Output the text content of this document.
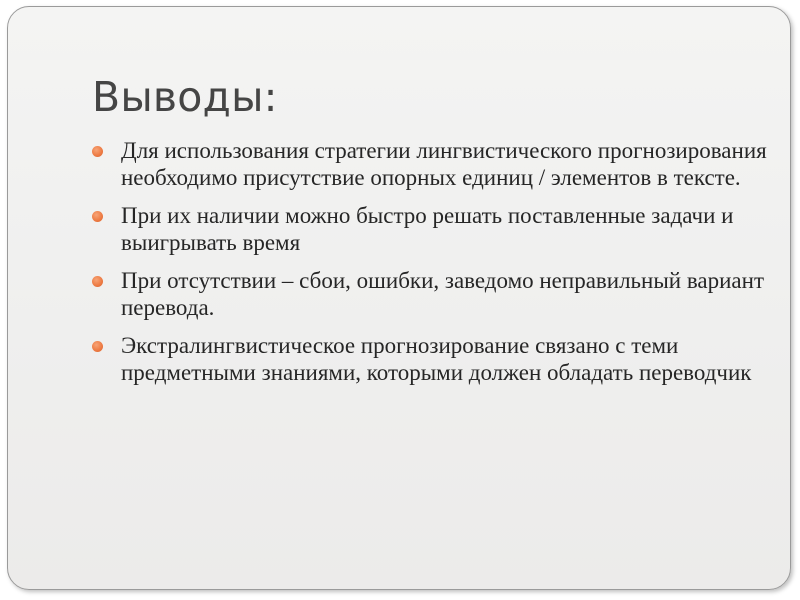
Выводы:
Для использования стратегии лингвистического прогнозирования необходимо присутствие опорных единиц / элементов в тексте.
При их наличии можно быстро решать поставленные задачи и выигрывать время
При отсутствии – сбои, ошибки, заведомо неправильный вариант перевода.
Экстралингвистическое прогнозирование связано с теми предметными знаниями, которыми должен обладать переводчик
